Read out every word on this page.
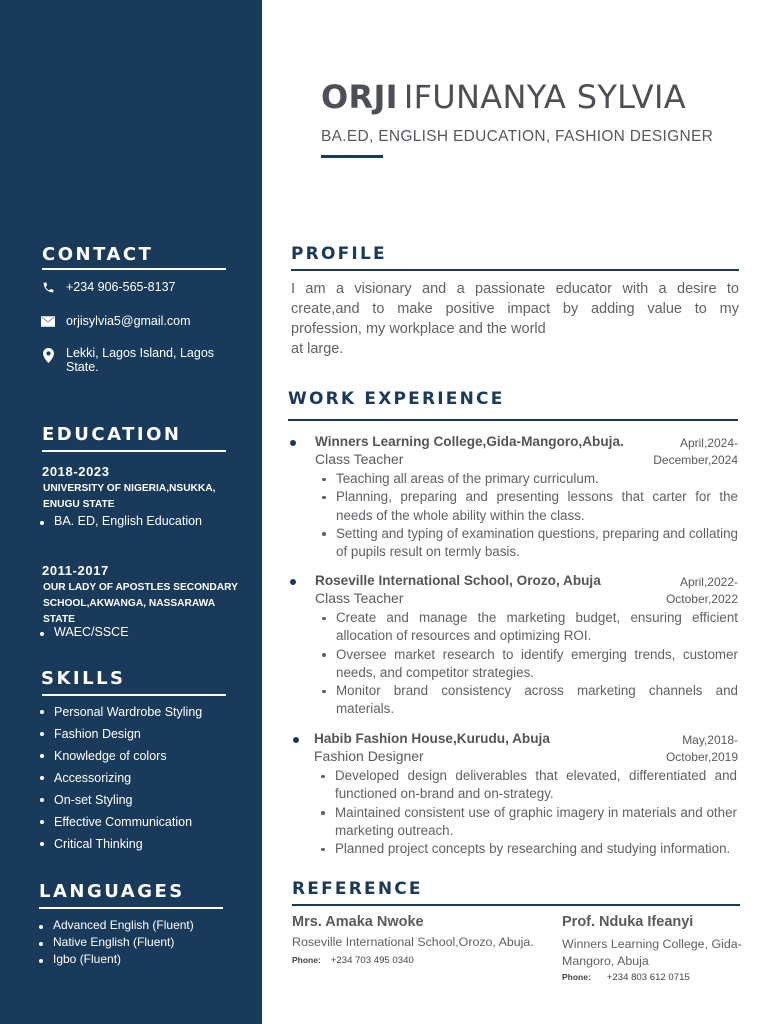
CONTACT
+234 906-565-8137
orjisylvia5@gmail.com
Lekki, Lagos Island, Lagos
State.
EDUCATION
2018-2023
UNIVERSITY OF NIGERIA,NSUKKA,
ENUGU STATE
BA. ED, English Education
2011-2017
OUR LADY OF APOSTLES SECONDARY
SCHOOL,AKWANGA, NASSARAWA
STATE
WAEC/SSCE
SKILLS
Personal Wardrobe Styling
Fashion Design
Knowledge of colors
Accessorizing
On-set Styling
Effective Communication
Critical Thinking
LANGUAGES
Advanced English (Fluent)
Native English (Fluent)
Igbo (Fluent)
ORJI IFUNANYA SYLVIA
BA.ED, ENGLISH EDUCATION, FASHION DESIGNER
PROFILE
I am a visionary and a passionate educator with a desire to
create,and to make positive impact by adding value to my
profession, my workplace and the world
at large.
WORK EXPERIENCE
Winners Learning College,Gida-Mangoro,Abuja.	April,2024-
Class Teacher	December,2024
Teaching all areas of the primary curriculum.
Planning, preparing and presenting lessons that carter for the needs of the whole ability within the class.
Setting and typing of examination questions, preparing and collating of pupils result on termly basis.
Roseville International School, Orozo, Abuja	April,2022-
Class Teacher	October,2022
Create and manage the marketing budget, ensuring efficient allocation of resources and optimizing ROI.
Oversee market research to identify emerging trends, customer needs, and competitor strategies.
Monitor brand consistency across marketing channels and materials.
Habib Fashion House,Kurudu, Abuja	May,2018-
Fashion Designer	October,2019
Developed design deliverables that elevated, differentiated and functioned on-brand and on-strategy.
Maintained consistent use of graphic imagery in materials and other marketing outreach.
Planned project concepts by researching and studying information.
REFERENCE
Mrs. Amaka Nwoke
Roseville International School,Orozo, Abuja.
Phone: +234 703 495 0340
Prof. Nduka Ifeanyi
Winners Learning College, Gida-
Mangoro, Abuja
Phone: +234 803 612 0715
